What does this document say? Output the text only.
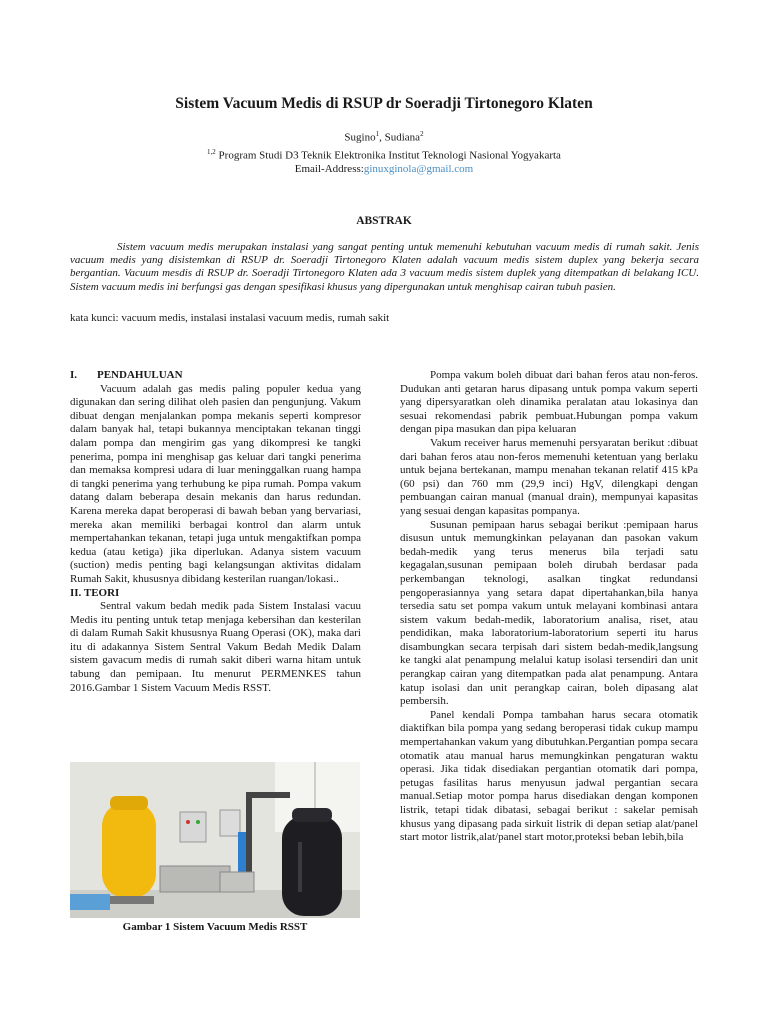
Sistem Vacuum Medis di RSUP dr Soeradji Tirtonegoro Klaten
Sugino$^1$, Sudiana$^2$
$^{1,2}$ Program Studi D3 Teknik Elektronika Institut Teknologi Nasional Yogyakarta
Email-Address:ginuxginola@gmail.com
ABSTRAK

Sistem vacuum medis merupakan instalasi yang sangat penting untuk memenuhi kebutuhan vacuum medis di rumah sakit. Jenis vacuum medis yang disistemkan di RSUP dr. Soeradji Tirtonegoro Klaten adalah vacuum medis sistem duplex yang bekerja secara bergantian. Vacuum mesdis di RSUP dr. Soeradji Tirtonegoro Klaten ada 3 vacuum medis sistem duplek yang ditempatkan di belakang ICU. Sistem vacuum medis ini berfungsi gas dengan spesifikasi khusus yang dipergunakan untuk menghisap cairan tubuh pasien.

kata kunci: vacuum medis, instalasi instalasi vacuum medis, rumah sakit

I.	PENDAHULUAN

Vacuum adalah gas medis paling populer kedua yang digunakan dan sering dilihat oleh pasien dan pengunjung. Vakum dibuat dengan menjalankan pompa mekanis seperti kompresor dalam banyak hal, tetapi bukannya menciptakan tekanan tinggi dalam pompa dan mengirim gas yang dikompresi ke tangki penerima, pompa ini menghisap gas keluar dari tangki penerima dan memaksa kompresi udara di luar meninggalkan ruang hampa di tangki penerima yang terhubung ke pipa rumah. Pompa vakum datang dalam beberapa desain mekanis dan harus redundan. Karena mereka dapat beroperasi di bawah beban yang bervariasi, mereka akan memiliki berbagai kontrol dan alarm untuk mempertahankan tekanan, tetapi juga untuk mengaktifkan pompa kedua (atau ketiga) jika diperlukan. Adanya sistem vacuum (suction) medis penting bagi kelangsungan aktivitas didalam Rumah Sakit, khususnya dibidang kesterilan ruangan/lokasi..

II. TEORI

Sentral vakum bedah medik pada Sistem Instalasi vacuu Medis itu penting untuk tetap menjaga kebersihan dan kesterilan di dalam Rumah Sakit khususnya Ruang Operasi (OK), maka dari itu di adakannya Sistem Sentral Vakum Bedah Medik Dalam sistem gavacum medis di rumah sakit diberi warna hitam untuk tabung dan pemipaan. Itu menurut PERMENKES tahun 2016.Gambar 1 Sistem Vacuum Medis RSST.

Gambar 1 Sistem Vacuum Medis RSST

Pompa vakum boleh dibuat dari bahan feros atau non-feros. Dudukan anti getaran harus dipasang untuk pompa vakum seperti yang dipersyaratkan oleh dinamika peralatan atau lokasinya dan sesuai rekomendasi pabrik pembuat.Hubungan pompa vakum dengan pipa masukan dan pipa keluaran

Vakum receiver harus memenuhi persyaratan berikut :dibuat dari bahan feros atau non-feros memenuhi ketentuan yang berlaku untuk bejana bertekanan, mampu menahan tekanan relatif 415 kPa (60 psi) dan 760 mm (29,9 inci) HgV, dilengkapi dengan pembuangan cairan manual (manual drain), mempunyai kapasitas yang sesuai dengan kapasitas pompanya.

Susunan pemipaan harus sebagai berikut :pemipaan harus disusun untuk memungkinkan pelayanan dan pasokan vakum bedah-medik yang terus menerus bila terjadi satu kegagalan,susunan pemipaan boleh dirubah berdasar pada perkembangan teknologi, asalkan tingkat redundansi pengoperasiannya yang setara dapat dipertahankan,bila hanya tersedia satu set pompa vakum untuk melayani kombinasi antara sistem vakum bedah-medik, laboratorium analisa, riset, atau pendidikan, maka laboratorium-laboratorium seperti itu harus disambungkan secara terpisah dari sistem bedah-medik,langsung ke tangki alat penampung melalui katup isolasi tersendiri dan unit perangkap cairan yang ditempatkan pada alat penampung. Antara katup isolasi dan unit perangkap cairan, boleh dipasang alat pembersih.

Panel kendali Pompa tambahan harus secara otomatik diaktifkan bila pompa yang sedang beroperasi tidak cukup mampu mempertahankan vakum yang dibutuhkan.Pergantian pompa secara otomatik atau manual harus memungkinkan pengaturan waktu operasi. Jika tidak disediakan pergantian otomatik dari pompa, petugas fasilitas harus menyusun jadwal pergantian secara manual.Setiap motor pompa harus disediakan dengan komponen listrik, tetapi tidak dibatasi, sebagai berikut : sakelar pemisah khusus yang dipasang pada sirkuit listrik di depan setiap alat/panel start motor listrik,alat/panel start motor,proteksi beban lebih,bila
